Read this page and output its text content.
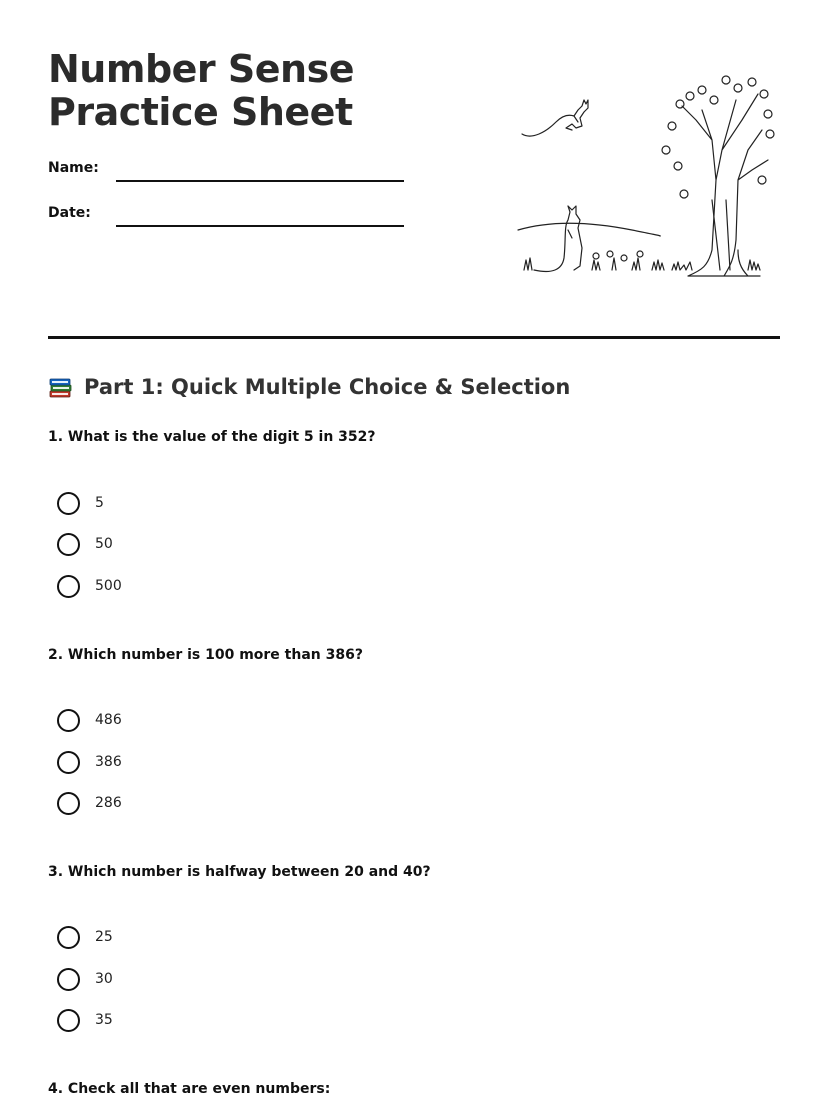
Number Sense Practice Sheet
Name:
Date:
Part 1: Quick Multiple Choice & Selection

1. What is the value of the digit 5 in 352?

5
50
500

2. Which number is 100 more than 386?

486
386
286

3. Which number is halfway between 20 and 40?

25
30
35

4. Check all that are even numbers:
